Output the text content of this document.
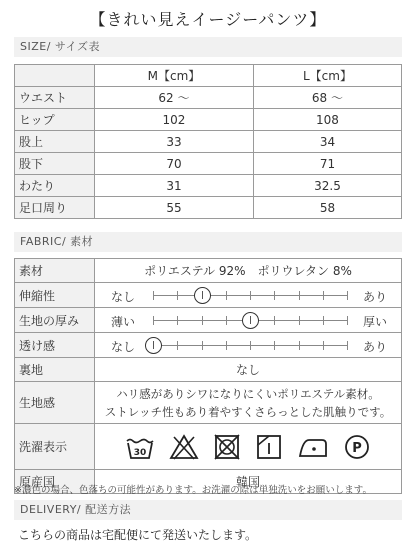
【きれい見えイージーパンツ】
SIZE/ サイズ表
	M【cm】	L【cm】
ウエスト	62 〜	68 〜
ヒップ	102	108
股上	33	34
股下	70	71
わたり	31	32.5
足口周り	55	58
FABRIC/ 素材
素材	ポリエステル 92%　ポリウレタン 8%
伸縮性	なし あり

生地の厚み	薄い 厚い

透け感	なし あり

裏地	なし
生地感	ハリ感がありシワになりにくいポリエステル素材。
ストレッチ性もあり着やすくさらっとした肌触りです。

洗濯表示	30 P

原産国	韓国
※濃色の場合、色落ちの可能性があります。お洗濯の際は単独洗いをお願いします。
DELIVERY/ 配送方法
こちらの商品は宅配便にて発送いたします。
